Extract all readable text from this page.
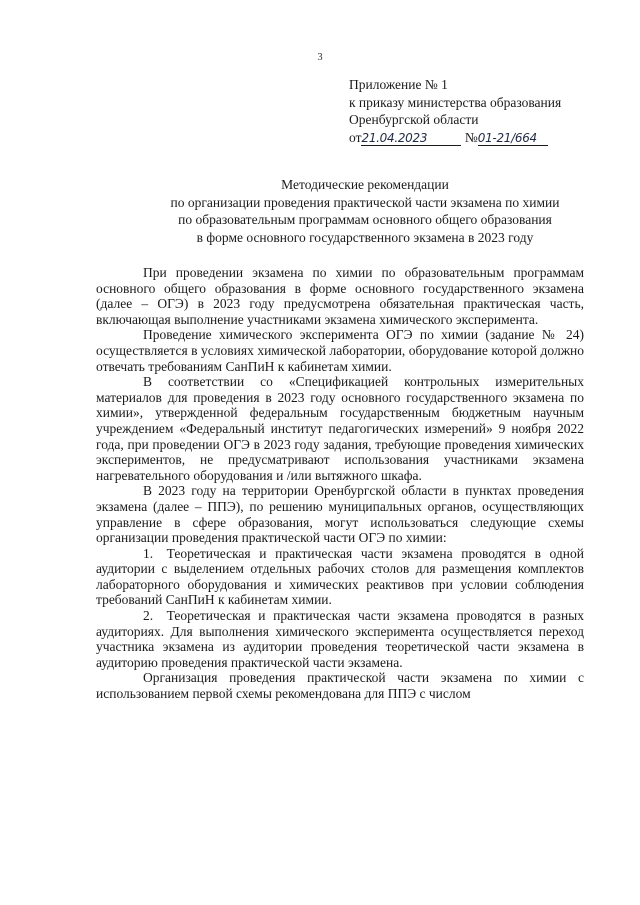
3
Приложение № 1
к приказу министерства образования
Оренбургской области
от21.04.2023	№01-21/664
Методические рекомендации
по организации проведения практической части экзамена по химии
по образовательным программам основного общего образования
в форме основного государственного экзамена в 2023 году

При проведении экзамена по химии по образовательным программам основного общего образования в форме основного государственного экзамена (далее – ОГЭ) в 2023 году предусмотрена обязательная практическая часть, включающая выполнение участниками экзамена химического эксперимента.

Проведение химического эксперимента ОГЭ по химии (задание № 24) осуществляется в условиях химической лаборатории, оборудование которой должно отвечать требованиям СанПиН к кабинетам химии.

В соответствии со «Спецификацией контрольных измерительных материалов для проведения в 2023 году основного государственного экзамена по химии», утвержденной федеральным государственным бюджетным научным учреждением «Федеральный институт педагогических измерений» 9 ноября 2022 года, при проведении ОГЭ в 2023 году задания, требующие проведения химических экспериментов, не предусматривают использования участниками экзамена нагревательного оборудования и /или вытяжного шкафа.

В 2023 году на территории Оренбургской области в пунктах проведения экзамена (далее – ППЭ), по решению муниципальных органов, осуществляющих управление в сфере образования, могут использоваться следующие схемы организации проведения практической части ОГЭ по химии:

1. Теоретическая и практическая части экзамена проводятся в одной аудитории с выделением отдельных рабочих столов для размещения комплектов лабораторного оборудования и химических реактивов при условии соблюдения требований СанПиН к кабинетам химии.

2. Теоретическая и практическая части экзамена проводятся в разных аудиториях. Для выполнения химического эксперимента осуществляется переход участника экзамена из аудитории проведения теоретической части экзамена в аудиторию проведения практической части экзамена.

Организация проведения практической части экзамена по химии с использованием первой схемы рекомендована для ППЭ с числом
